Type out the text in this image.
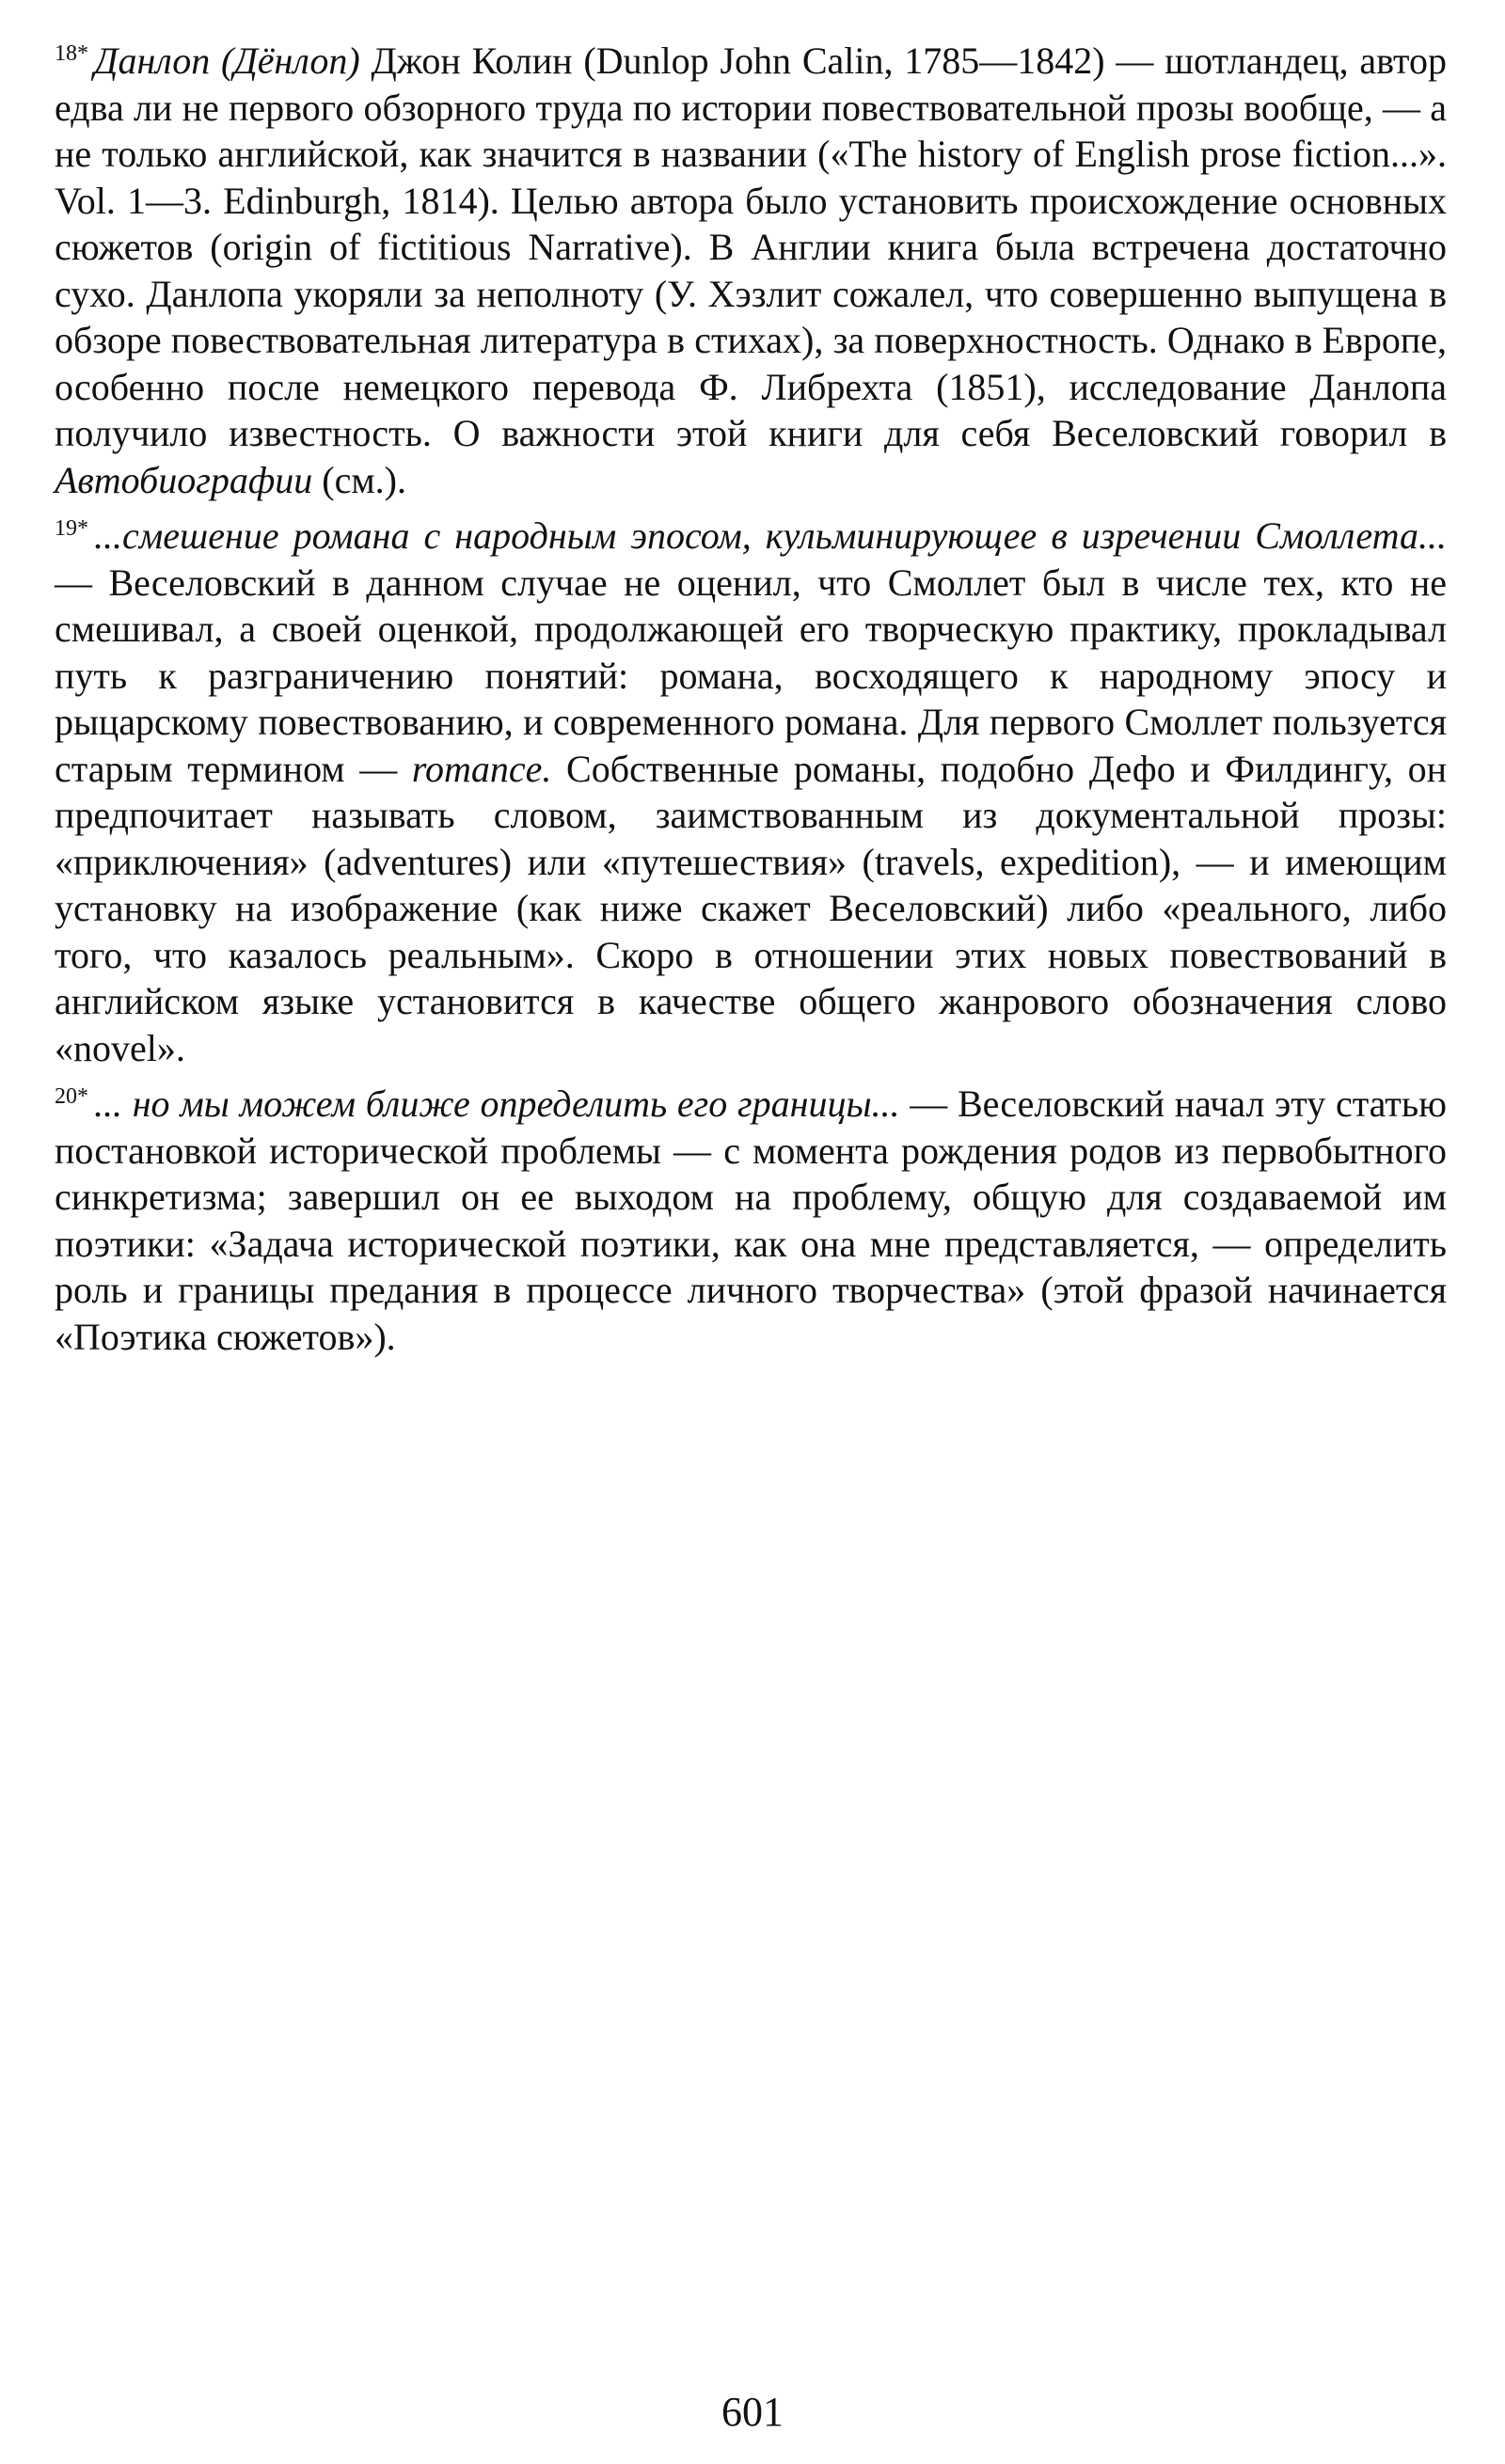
$^{18*}$ Данлоп (Дёнлоп) Джон Колин (Dunlop John Calin, 1785—1842) — шотландец, автор едва ли не первого обзорного труда по истории повествовательной прозы вообще, — а не только английской, как значится в названии («The history of English prose fiction...». Vol. 1—3. Edinburgh, 1814). Целью автора было установить происхождение основных сюжетов (origin of fictitious Narrative). В Англии книга была встречена достаточно сухо. Данлопа укоряли за неполноту (У. Хэзлит сожалел, что совершенно выпущена в обзоре повествовательная литература в стихах), за поверхностность. Однако в Европе, особенно после немецкого перевода Ф. Либрехта (1851), исследование Данлопа получило известность. О важности этой книги для себя Веселовский говорил в Автобиографии (см.).

$^{19*}$ ...смешение романа с народным эпосом, кульминирующее в изречении Смоллета... — Веселовский в данном случае не оценил, что Смоллет был в числе тех, кто не смешивал, а своей оценкой, продолжающей его творческую практику, прокладывал путь к разграничению понятий: романа, восходящего к народному эпосу и рыцарскому повествованию, и современного романа. Для первого Смоллет пользуется старым термином — romance. Собственные романы, подобно Дефо и Филдингу, он предпочитает называть словом, заимствованным из документальной прозы: «приключения» (adventures) или «путешествия» (travels, expedition), — и имеющим установку на изображение (как ниже скажет Веселовский) либо «реального, либо того, что казалось реальным». Скоро в отношении этих новых повествований в английском языке установится в качестве общего жанрового обозначения слово «novel».

$^{20*}$ ... но мы можем ближе определить его границы... — Веселовский начал эту статью постановкой исторической проблемы — с момента рождения родов из первобытного синкретизма; завершил он ее выходом на проблему, общую для создаваемой им поэтики: «Задача исторической поэтики, как она мне представляется, — определить роль и границы предания в процессе личного творчества» (этой фразой начинается «Поэтика сюжетов»).

601
